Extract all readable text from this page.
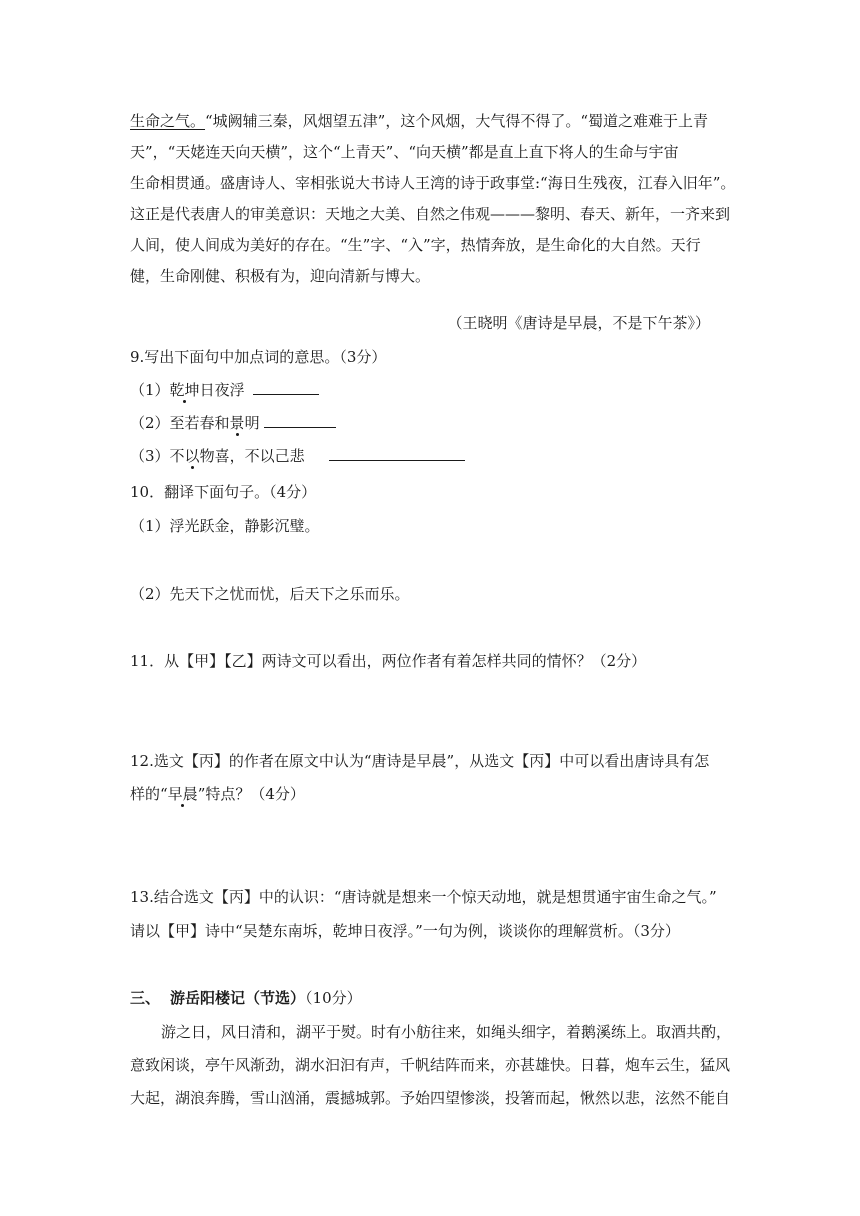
生命之气。“城阙辅三秦，风烟望五津”，这个风烟，大气得不得了。“蜀道之难难于上青
天”，“天姥连天向天横”，这个“上青天”、“向天横”都是直上直下将人的生命与宇宙
生命相贯通。盛唐诗人、宰相张说大书诗人王湾的诗于政事堂:“海日生残夜，江春入旧年”。
这正是代表唐人的审美意识：天地之大美、自然之伟观———黎明、春天、新年，一齐来到
人间，使人间成为美好的存在。“生”字、“入”字，热情奔放，是生命化的大自然。天行
健，生命刚健、积极有为，迎向清新与博大。
（王晓明《唐诗是早晨，不是下午茶》）
9.写出下面句中加点词的意思。（3分）
（1）乾坤日夜浮
（2）至若春和景明
（3）不以物喜，不以己悲
10．翻译下面句子。（4分）
（1）浮光跃金，静影沉璧。
（2）先天下之忧而忧，后天下之乐而乐。
11．从【甲】【乙】两诗文可以看出，两位作者有着怎样共同的情怀？（2分）
12.选文【丙】的作者在原文中认为“唐诗是早晨”，从选文【丙】中可以看出唐诗具有怎
样的“早晨”特点？（4分）
13.结合选文【丙】中的认识：“唐诗就是想来一个惊天动地，就是想贯通宇宙生命之气。”
请以【甲】诗中“吴楚东南坼，乾坤日夜浮。”一句为例，谈谈你的理解赏析。（3分）
三、 游岳阳楼记（节选）（10分）
游之日，风日清和，湖平于熨。时有小舫往来，如绳头细字，着鹅溪练上。取酒共酌，
意致闲谈，亭午风渐劲，湖水汩汩有声，千帆结阵而来，亦甚雄快。日暮，炮车云生，猛风
大起，湖浪奔腾，雪山汹涌，震撼城郭。予始四望惨淡，投箸而起，愀然以悲，泫然不能自
